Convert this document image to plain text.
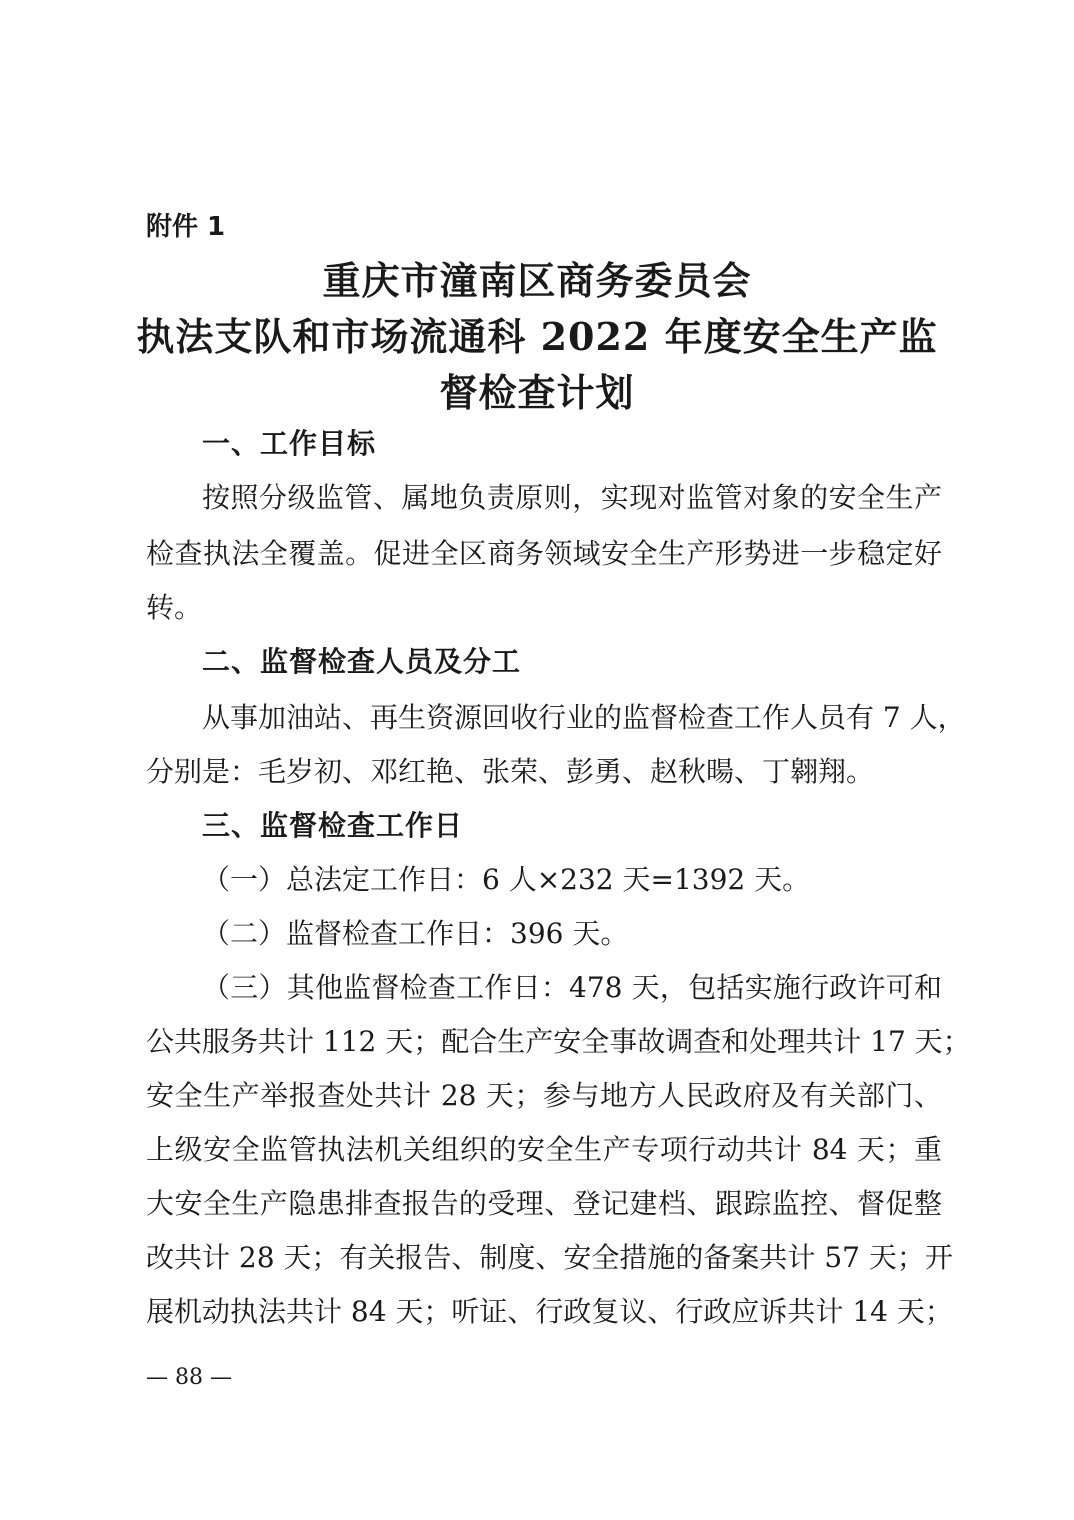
附件 1
重庆市潼南区商务委员会
执法支队和市场流通科 2022 年度安全生产监
督检查计划
一、工作目标
按照分级监管、属地负责原则，实现对监管对象的安全生产
检查执法全覆盖。促进全区商务领域安全生产形势进一步稳定好
转。
二、监督检查人员及分工
从事加油站、再生资源回收行业的监督检查工作人员有 7 人，
分别是：毛岁初、邓红艳、张荣、彭勇、赵秋暘、丁翱翔。
三、监督检查工作日
（一）总法定工作日：6 人×232 天=1392 天。
（二）监督检查工作日：396 天。
（三）其他监督检查工作日：478 天，包括实施行政许可和
公共服务共计 112 天；配合生产安全事故调查和处理共计 17 天；
安全生产举报查处共计 28 天；参与地方人民政府及有关部门、
上级安全监管执法机关组织的安全生产专项行动共计 84 天；重
大安全生产隐患排查报告的受理、登记建档、跟踪监控、督促整
改共计 28 天；有关报告、制度、安全措施的备案共计 57 天；开
展机动执法共计 84 天；听证、行政复议、行政应诉共计 14 天；
— 88 —
